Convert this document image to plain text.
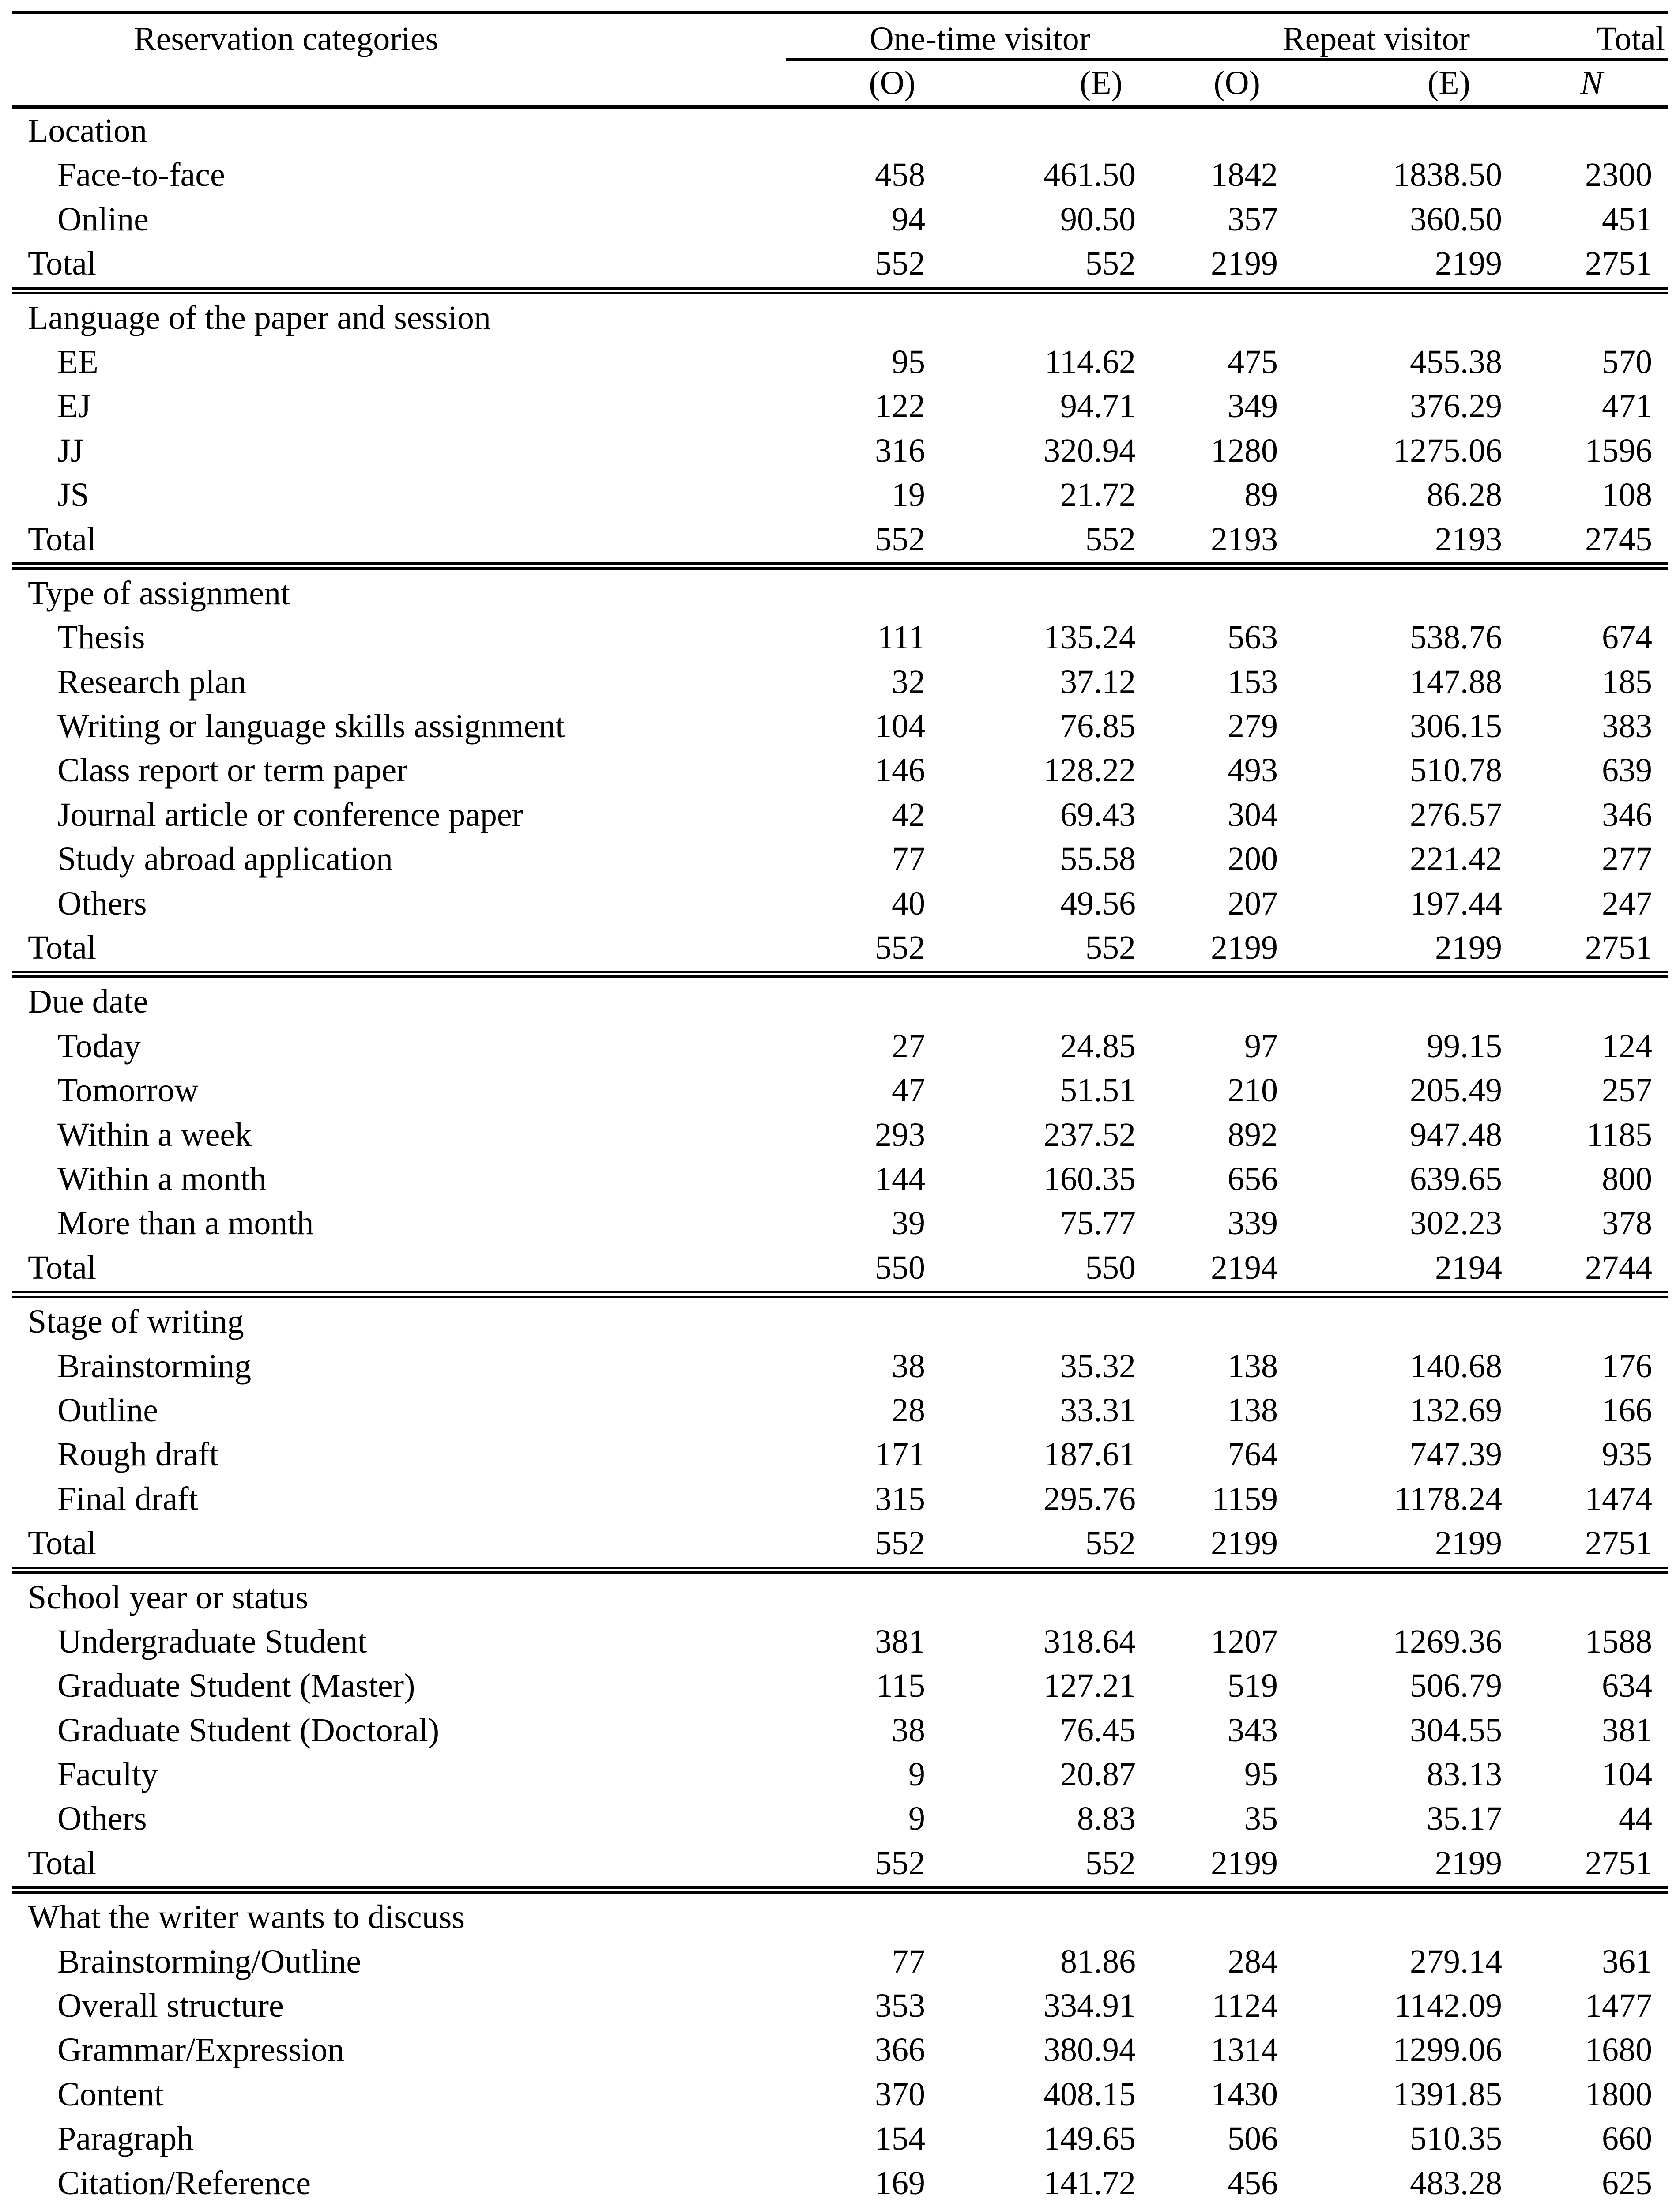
Reservation categories	One-time visitor	Repeat visitor	Total
(O)	(E)	(O)	(E)	N
Location
Face-to-face	458	461.50	1842	1838.50	2300
Online	94	90.50	357	360.50	451
Total	552	552	2199	2199	2751
Language of the paper and session
EE	95	114.62	475	455.38	570
EJ	122	94.71	349	376.29	471
JJ	316	320.94	1280	1275.06	1596
JS	19	21.72	89	86.28	108
Total	552	552	2193	2193	2745
Type of assignment
Thesis	111	135.24	563	538.76	674
Research plan	32	37.12	153	147.88	185
Writing or language skills assignment	104	76.85	279	306.15	383
Class report or term paper	146	128.22	493	510.78	639
Journal article or conference paper	42	69.43	304	276.57	346
Study abroad application	77	55.58	200	221.42	277
Others	40	49.56	207	197.44	247
Total	552	552	2199	2199	2751
Due date
Today	27	24.85	97	99.15	124
Tomorrow	47	51.51	210	205.49	257
Within a week	293	237.52	892	947.48	1185
Within a month	144	160.35	656	639.65	800
More than a month	39	75.77	339	302.23	378
Total	550	550	2194	2194	2744
Stage of writing
Brainstorming	38	35.32	138	140.68	176
Outline	28	33.31	138	132.69	166
Rough draft	171	187.61	764	747.39	935
Final draft	315	295.76	1159	1178.24	1474
Total	552	552	2199	2199	2751
School year or status
Undergraduate Student	381	318.64	1207	1269.36	1588
Graduate Student (Master)	115	127.21	519	506.79	634
Graduate Student (Doctoral)	38	76.45	343	304.55	381
Faculty	9	20.87	95	83.13	104
Others	9	8.83	35	35.17	44
Total	552	552	2199	2199	2751
What the writer wants to discuss
Brainstorming/Outline	77	81.86	284	279.14	361
Overall structure	353	334.91	1124	1142.09	1477
Grammar/Expression	366	380.94	1314	1299.06	1680
Content	370	408.15	1430	1391.85	1800
Paragraph	154	149.65	506	510.35	660
Citation/Reference	169	141.72	456	483.28	625
